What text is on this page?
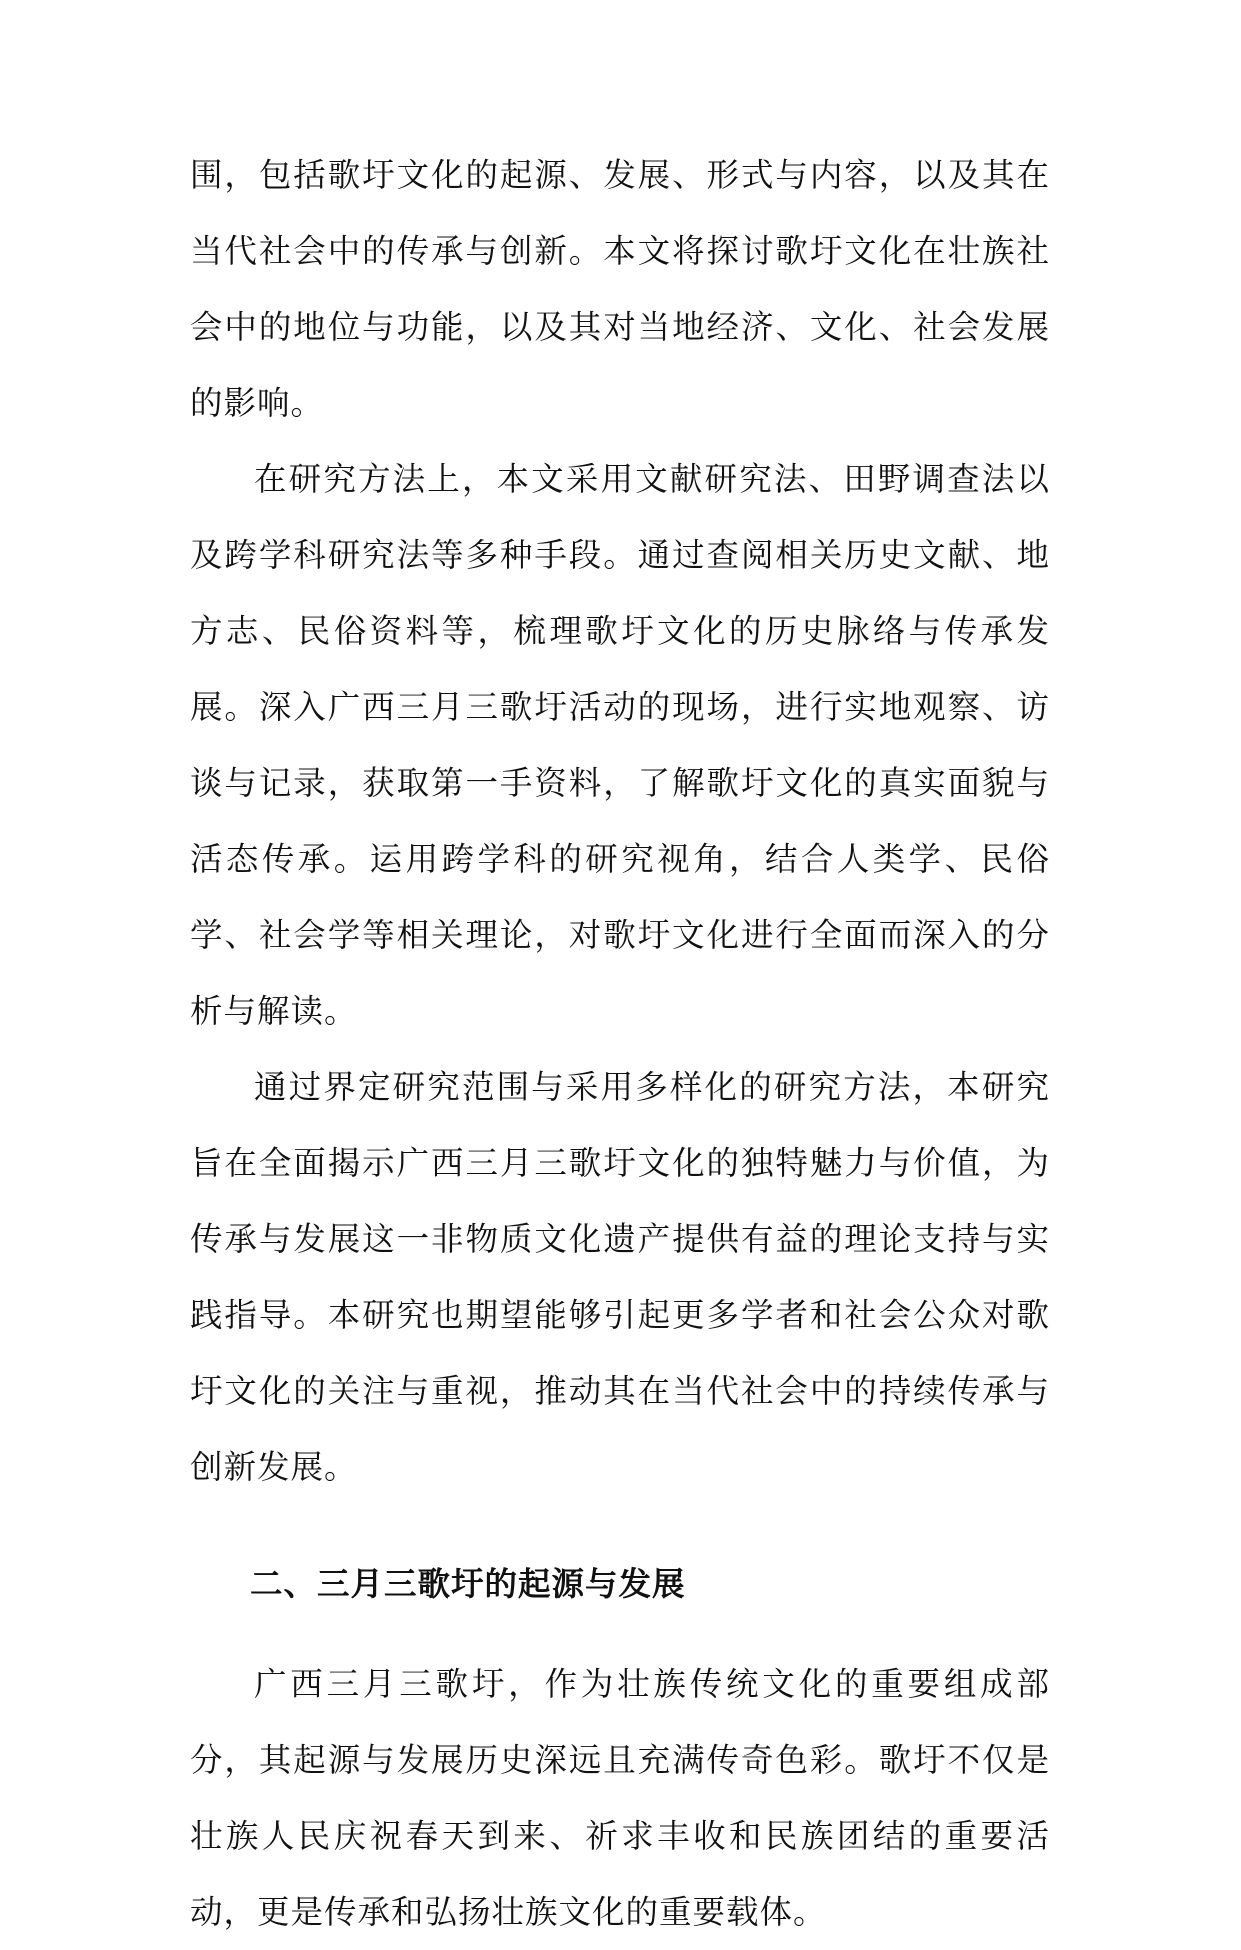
围，包括歌圩文化的起源、发展、形式与内容，以及其在当代社会中的传承与创新。本文将探讨歌圩文化在壮族社会中的地位与功能，以及其对当地经济、文化、社会发展的影响。

在研究方法上，本文采用文献研究法、田野调查法以及跨学科研究法等多种手段。通过查阅相关历史文献、地方志、民俗资料等，梳理歌圩文化的历史脉络与传承发展。深入广西三月三歌圩活动的现场，进行实地观察、访谈与记录，获取第一手资料，了解歌圩文化的真实面貌与活态传承。运用跨学科的研究视角，结合人类学、民俗学、社会学等相关理论，对歌圩文化进行全面而深入的分析与解读。

通过界定研究范围与采用多样化的研究方法，本研究旨在全面揭示广西三月三歌圩文化的独特魅力与价值，为传承与发展这一非物质文化遗产提供有益的理论支持与实践指导。本研究也期望能够引起更多学者和社会公众对歌圩文化的关注与重视，推动其在当代社会中的持续传承与创新发展。

二、三月三歌圩的起源与发展

广西三月三歌圩，作为壮族传统文化的重要组成部分，其起源与发展历史深远且充满传奇色彩。歌圩不仅是壮族人民庆祝春天到来、祈求丰收和民族团结的重要活动，更是传承和弘扬壮族文化的重要载体。
